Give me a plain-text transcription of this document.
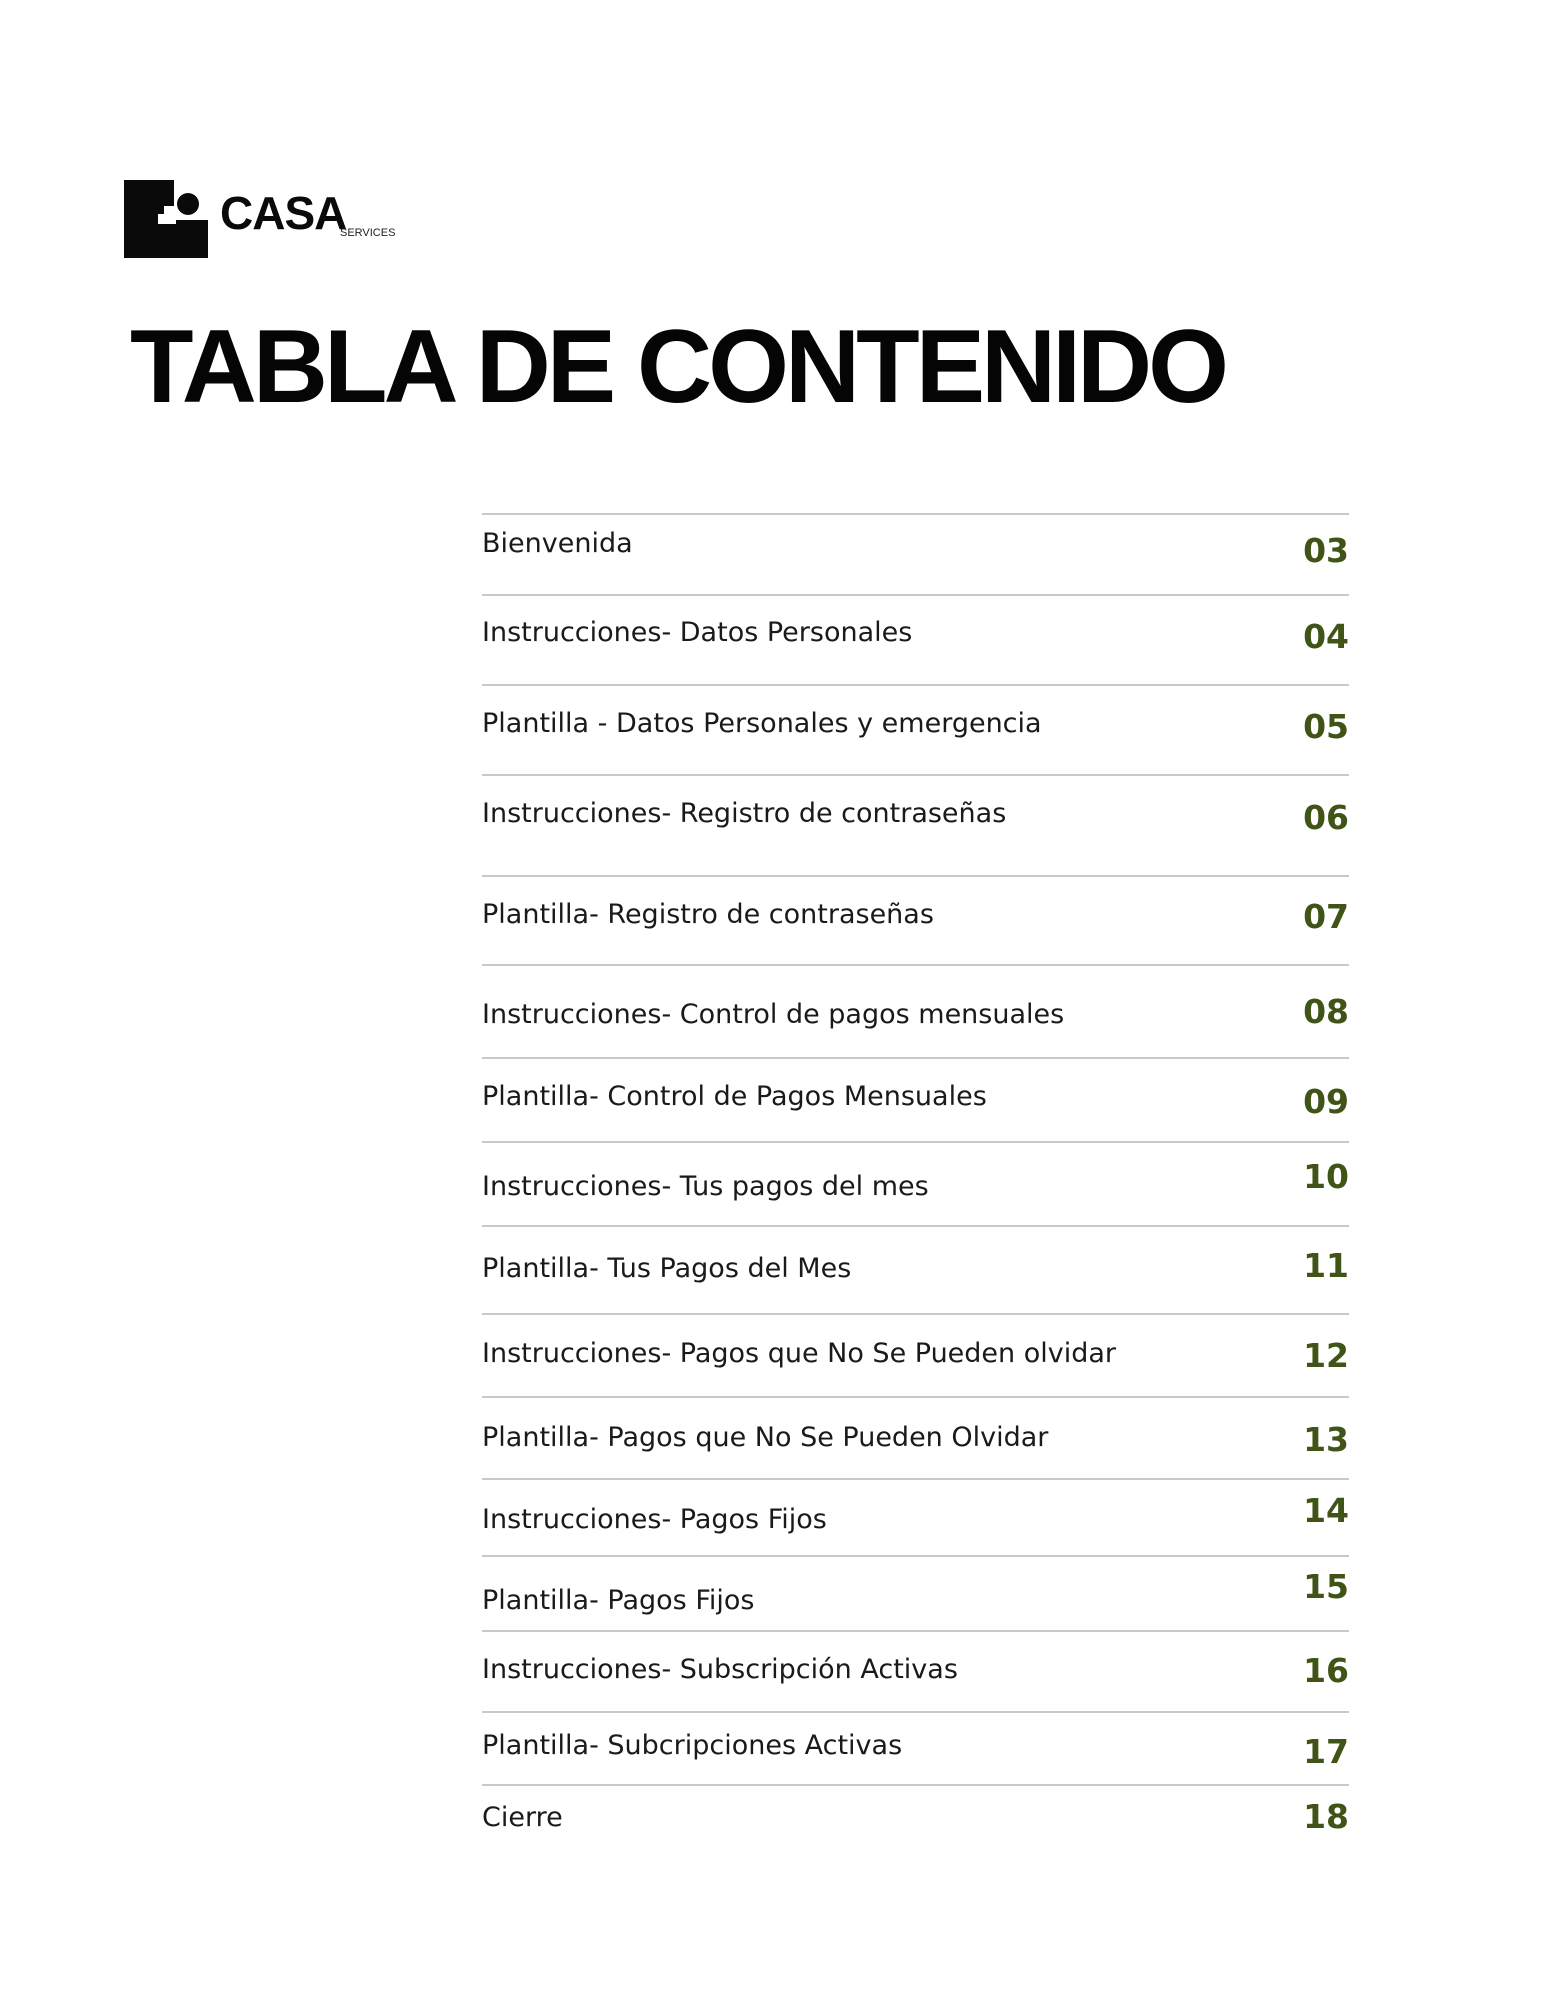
CASA
SERVICES
TABLA DE CONTENIDO
Bienvenida	03
Instrucciones- Datos Personales	04
Plantilla - Datos Personales y emergencia	05
Instrucciones- Registro de contraseñas	06
Plantilla- Registro de contraseñas	07
Instrucciones- Control de pagos mensuales	08
Plantilla- Control de Pagos Mensuales	09
Instrucciones- Tus pagos del mes	10
Plantilla- Tus Pagos del Mes	11
Instrucciones- Pagos que No Se Pueden olvidar	12
Plantilla- Pagos que No Se Pueden Olvidar	13
Instrucciones- Pagos Fijos	14
Plantilla- Pagos Fijos	15
Instrucciones- Subscripción Activas	16
Plantilla- Subcripciones Activas	17
Cierre	18
